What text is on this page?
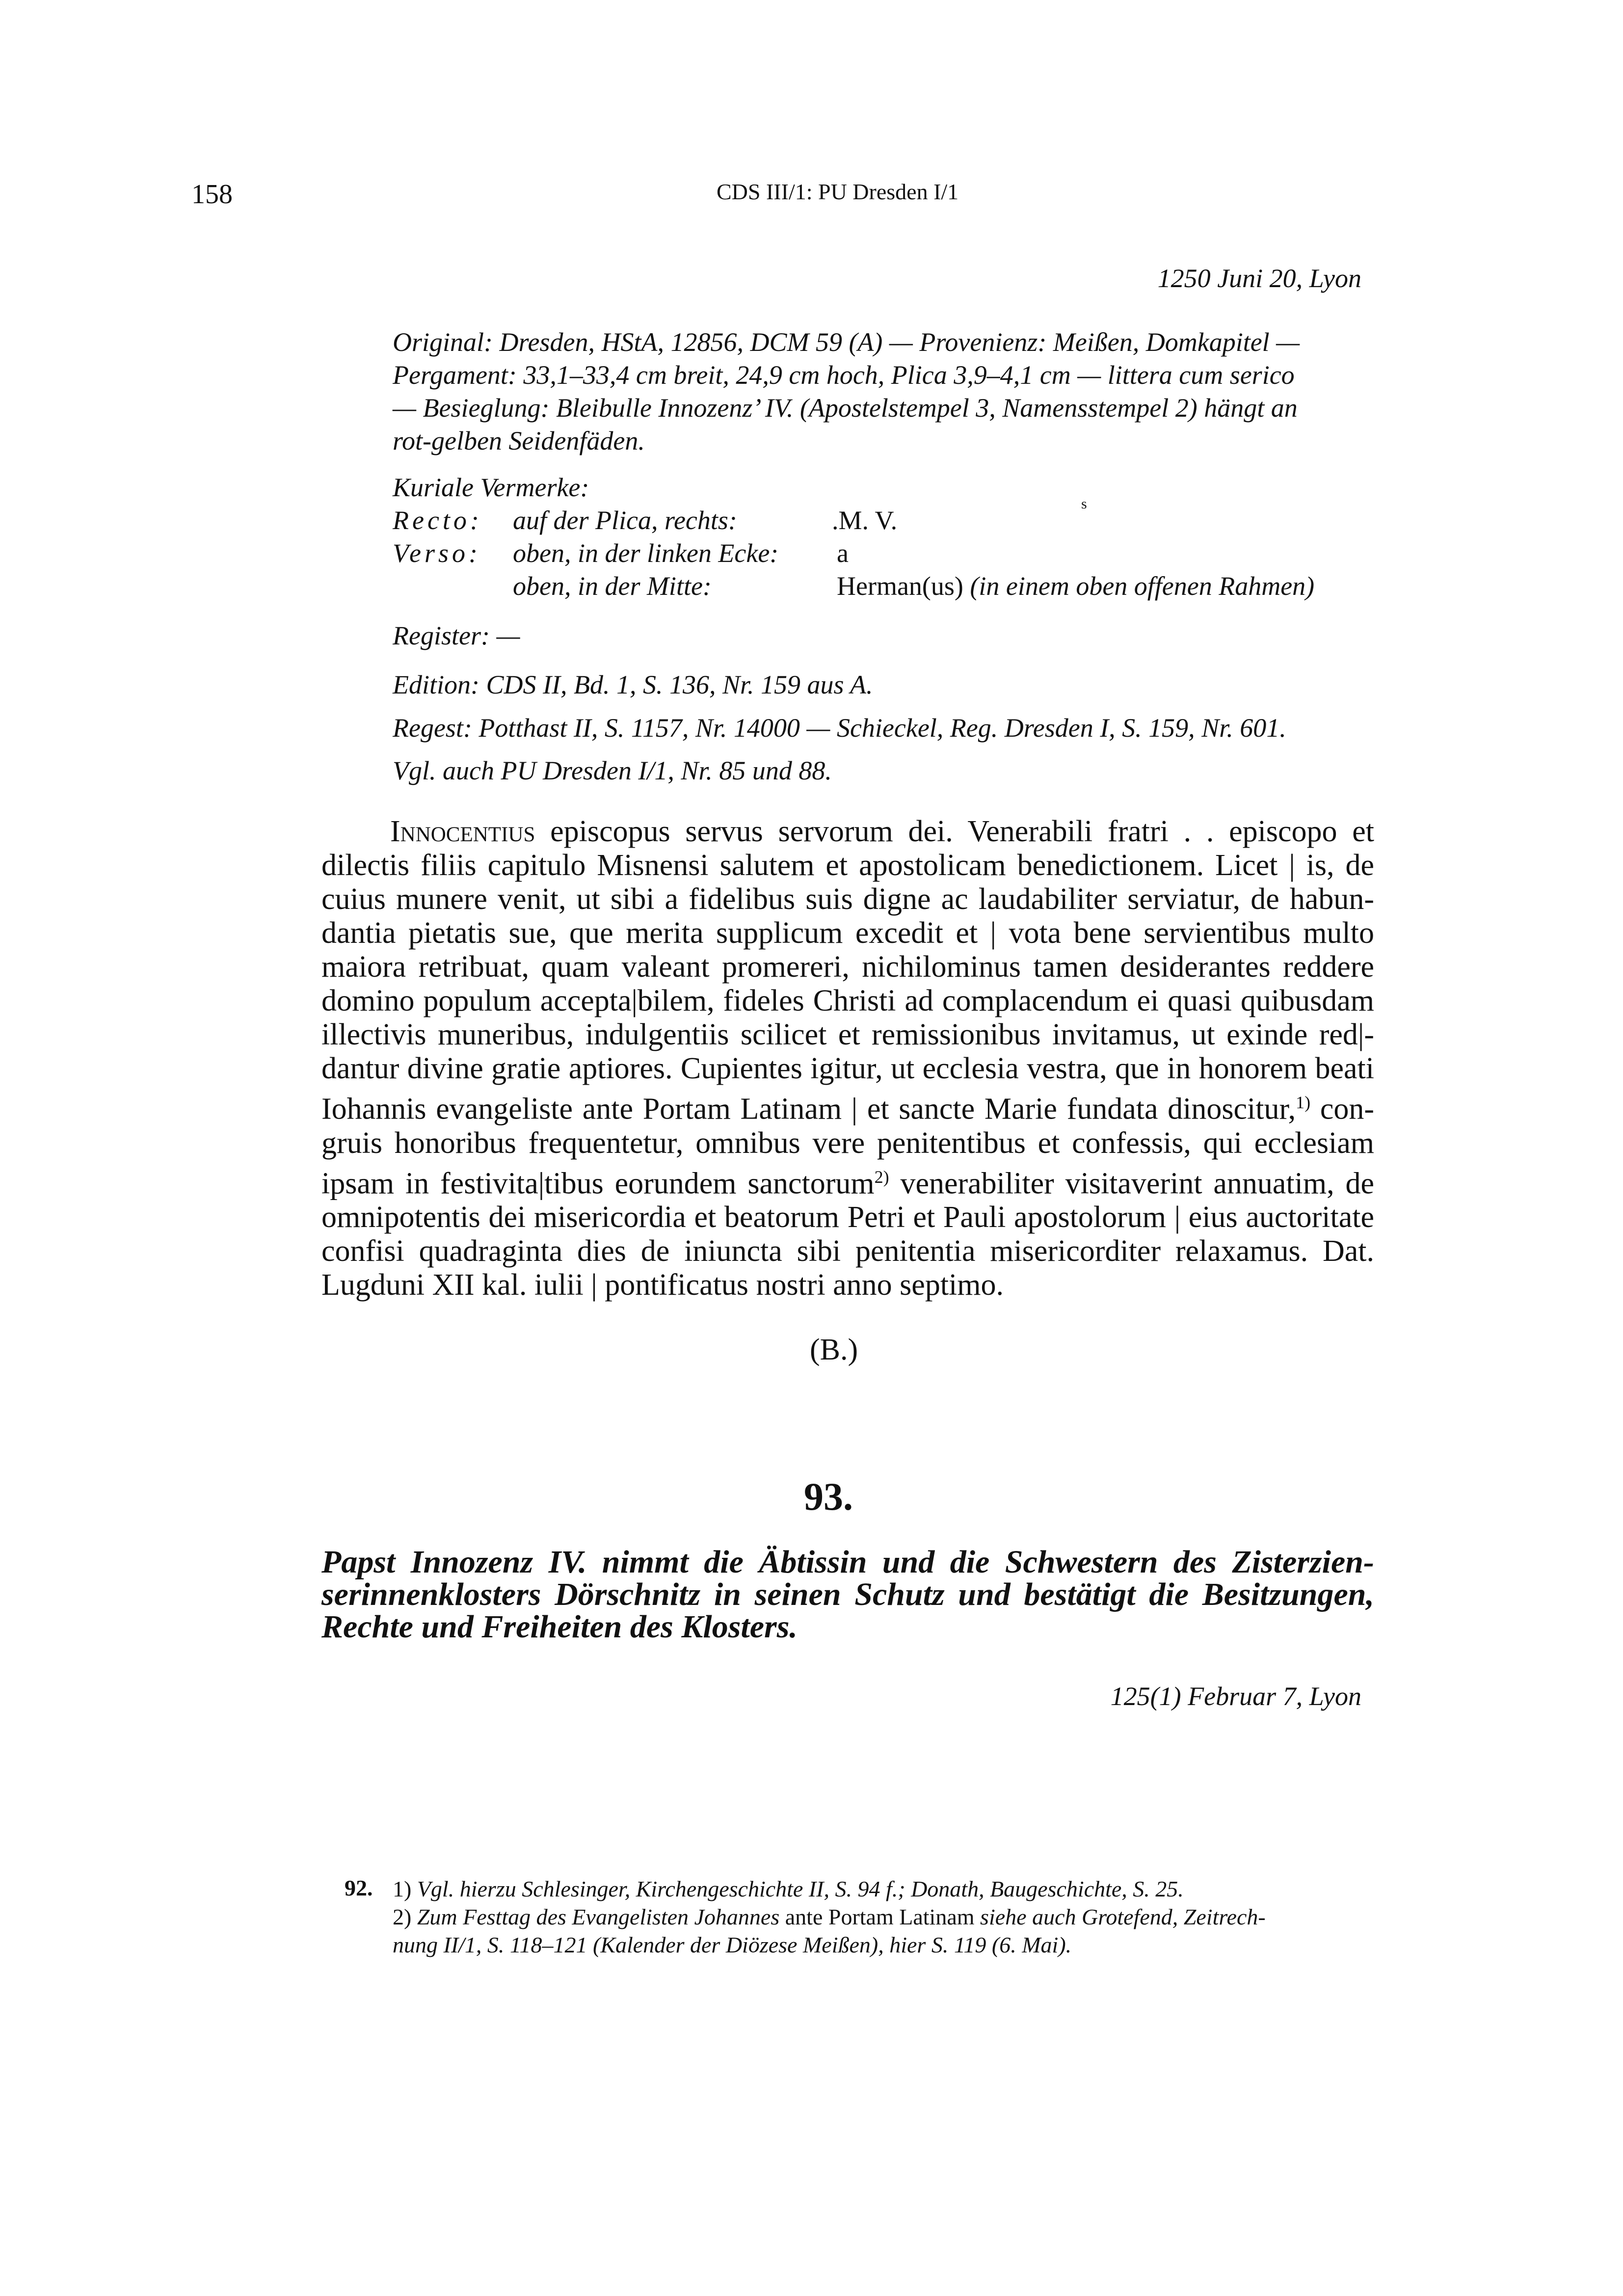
158	CDS III/1: PU Dresden I/1
1250 Juni 20, Lyon
Original: Dresden, HStA, 12856, DCM 59 (A) — Provenienz: Meißen, Domkapitel —
Pergament: 33,1–33,4 cm breit, 24,9 cm hoch, Plica 3,9–4,1 cm — littera cum serico
— Besieglung: Bleibulle Innozenz’ IV. (Apostelstempel 3, Namensstempel 2) hängt an
rot-gelben Seidenfäden.
Kuriale Vermerke:
Recto: auf der Plica, rechts:	.M. V.
s
Verso: oben, in der linken Ecke: a
oben, in der Mitte:	Herman(us) (in einem oben offenen Rahmen)
Register: —
Edition: CDS II, Bd. 1, S. 136, Nr. 159 aus A.
Regest: Potthast II, S. 1157, Nr. 14000 — Schieckel, Reg. Dresden I, S. 159, Nr. 601.
Vgl. auch PU Dresden I/1, Nr. 85 und 88.
Innocentius episcopus servus servorum dei. Venerabili fratri . . episcopo et
dilectis filiis capitulo Misnensi salutem et apostolicam benedictionem. Licet | is, de
cuius munere venit, ut sibi a fidelibus suis digne ac laudabiliter serviatur, de habun-
dantia pietatis sue, que merita supplicum excedit et | vota bene servientibus multo
maiora retribuat, quam valeant promereri, nichilominus tamen desiderantes reddere
domino populum accepta|bilem, fideles Christi ad complacendum ei quasi quibusdam
illectivis muneribus, indulgentiis scilicet et remissionibus invitamus, ut exinde red|-
dantur divine gratie aptiores. Cupientes igitur, ut ecclesia vestra, que in honorem beati
Iohannis evangeliste ante Portam Latinam | et sancte Marie fundata dinoscitur,$^{1)}$ con-
gruis honoribus frequentetur, omnibus vere penitentibus et confessis, qui ecclesiam
ipsam in festivita|tibus eorundem sanctorum$^{2)}$ venerabiliter visitaverint annuatim, de
omnipotentis dei misericordia et beatorum Petri et Pauli apostolorum | eius auctoritate
confisi quadraginta dies de iniuncta sibi penitentia misericorditer relaxamus. Dat.
Lugduni XII kal. iulii | pontificatus nostri anno septimo.
(B.)
93.
Papst Innozenz IV. nimmt die Äbtissin und die Schwestern des Zisterzien-
serinnenklosters Dörschnitz in seinen Schutz und bestätigt die Besitzungen,
Rechte und Freiheiten des Klosters.
125(1) Februar 7, Lyon
92. 1) Vgl. hierzu Schlesinger, Kirchengeschichte II, S. 94 f.; Donath, Baugeschichte, S. 25.
2) Zum Festtag des Evangelisten Johannes ante Portam Latinam siehe auch Grotefend, Zeitrech-
nung II/1, S. 118–121 (Kalender der Diözese Meißen), hier S. 119 (6. Mai).
